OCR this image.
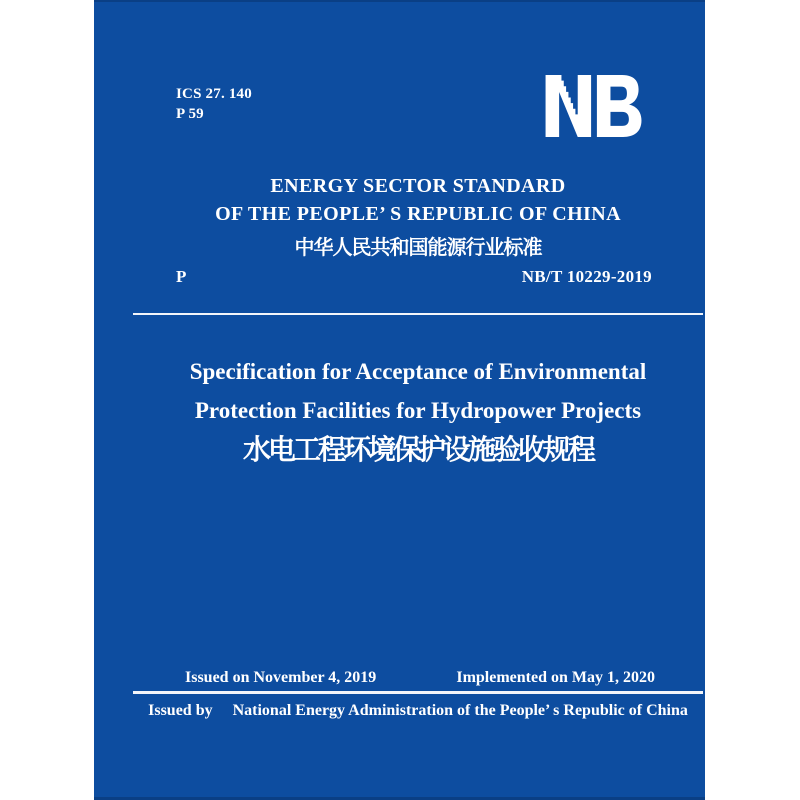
ICS 27. 140
P 59
ENERGY SECTOR STANDARD
OF THE PEOPLE’ S REPUBLIC OF CHINA
中华人民共和国能源行业标准
P	NB/T 10229-2019
Specification for Acceptance of Environmental
Protection Facilities for Hydropower Projects
水电工程环境保护设施验收规程
Issued on November 4, 2019	Implemented on May 1, 2020
Issued by National Energy Administration of the People’ s Republic of China
